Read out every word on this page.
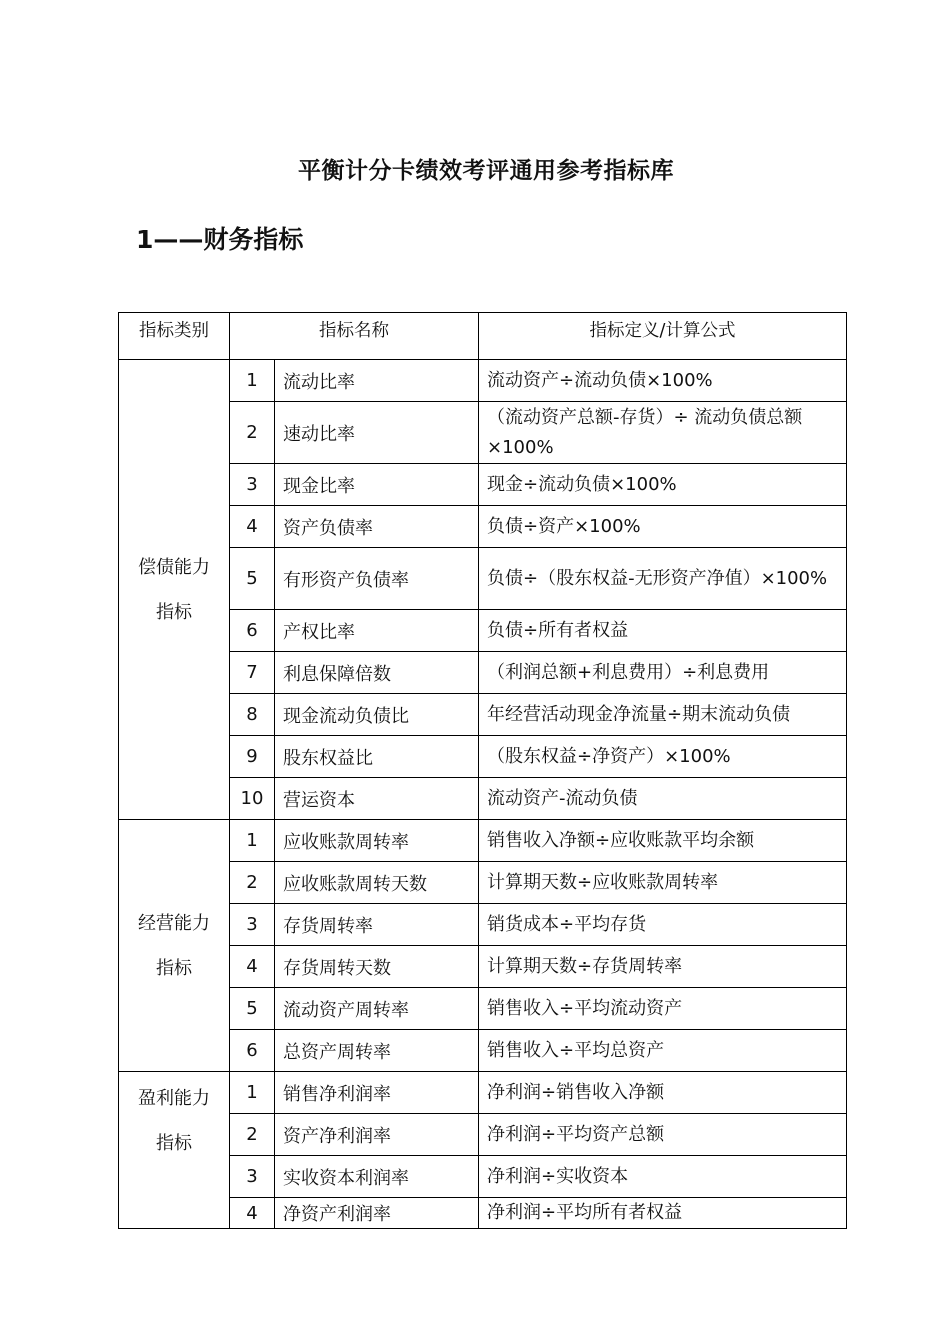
平衡计分卡绩效考评通用参考指标库
1——财务指标
指标类别	指标名称		指标定义/计算公式

偿债能力
指标	1	流动比率	流动资产÷流动负债×100%
	2	速动比率	（流动资产总额-存货）÷ 流动负债总额×100%
	3	现金比率	现金÷流动负债×100%
	4	资产负债率	负债÷资产×100%
	5	有形资产负债率	负债÷（股东权益-无形资产净值）×100%
	6	产权比率	负债÷所有者权益
	7	利息保障倍数	（利润总额+利息费用）÷利息费用
	8	现金流动负债比	年经营活动现金净流量÷期末流动负债
	9	股东权益比	（股东权益÷净资产）×100%
	10	营运资本	流动资产-流动负债

经营能力
指标	1	应收账款周转率	销售收入净额÷应收账款平均余额
	2	应收账款周转天数	计算期天数÷应收账款周转率
	3	存货周转率	销货成本÷平均存货
	4	存货周转天数	计算期天数÷存货周转率
	5	流动资产周转率	销售收入÷平均流动资产
	6	总资产周转率	销售收入÷平均总资产

盈利能力
指标	1	销售净利润率	净利润÷销售收入净额
	2	资产净利润率	净利润÷平均资产总额
	3	实收资本利润率	净利润÷实收资本
	4	净资产利润率	净利润÷平均所有者权益
